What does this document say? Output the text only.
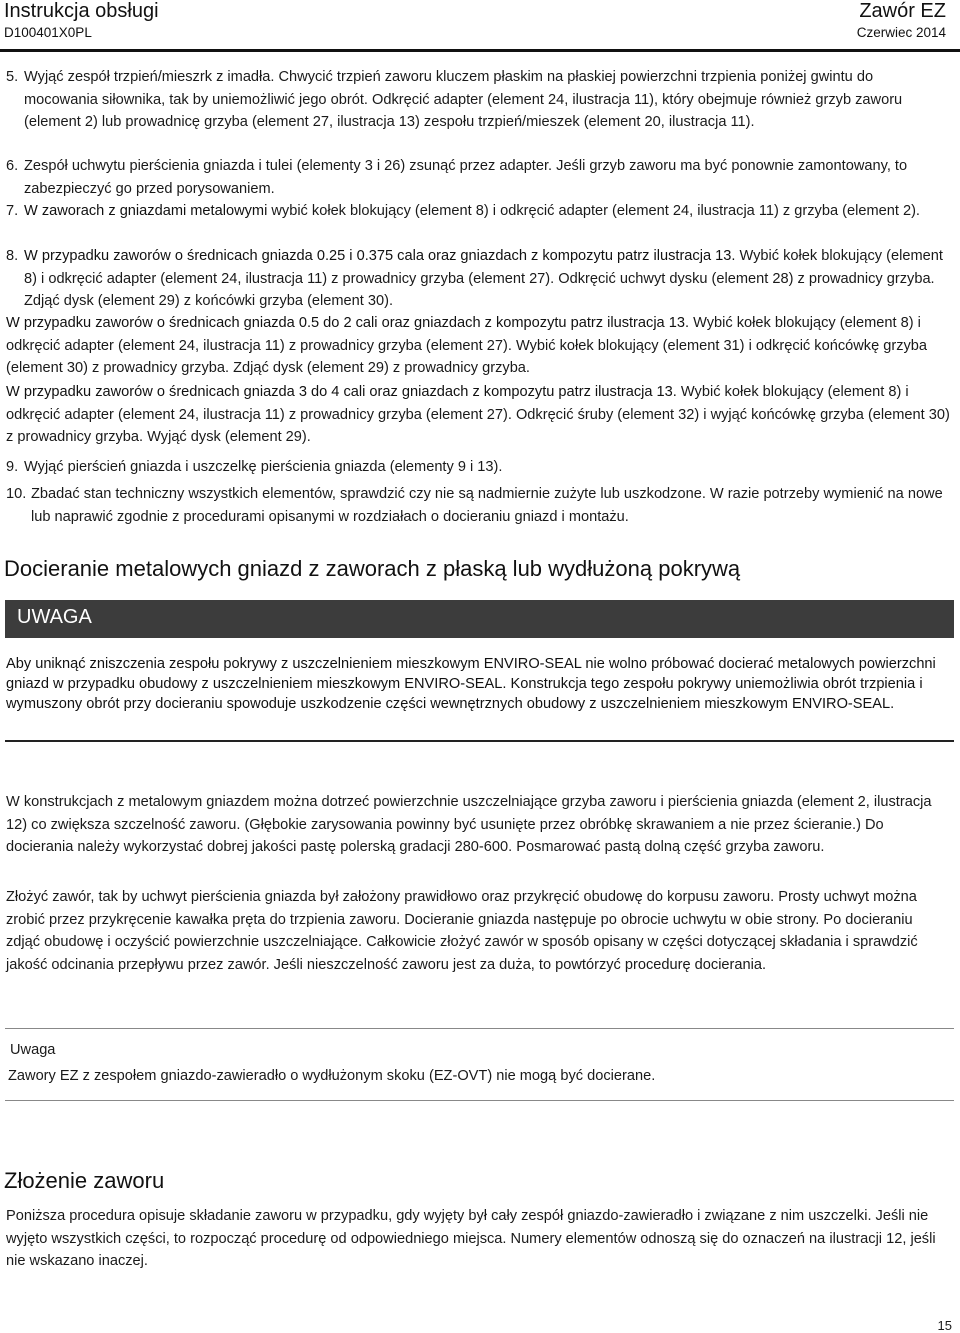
Instrukcja obsługi
D100401X0PL
Zawór EZ
Czerwiec 2014
5. Wyjąć zespół trzpień/mieszrk z imadła. Chwycić trzpień zaworu kluczem płaskim na płaskiej powierzchni trzpienia poniżej gwintu do mocowania siłownika, tak by uniemożliwić jego obrót. Odkręcić adapter (element 24, ilustracja 11), który obejmuje również grzyb zaworu (element 2) lub prowadnicę grzyba (element 27, ilustracja 13) zespołu trzpień/mieszek (element 20, ilustracja 11).
6. Zespół uchwytu pierścienia gniazda i tulei (elementy 3 i 26) zsunąć przez adapter. Jeśli grzyb zaworu ma być ponownie zamontowany, to zabezpieczyć go przed porysowaniem.
7. W zaworach z gniazdami metalowymi wybić kołek blokujący (element 8) i odkręcić adapter (element 24, ilustracja 11) z grzyba (element 2).
8. W przypadku zaworów o średnicach gniazda 0.25 i 0.375 cala oraz gniazdach z kompozytu patrz ilustracja 13. Wybić kołek blokujący (element 8) i odkręcić adapter (element 24, ilustracja 11) z prowadnicy grzyba (element 27). Odkręcić uchwyt dysku (element 28) z prowadnicy grzyba. Zdjąć dysk (element 29) z końcówki grzyba (element 30).
W przypadku zaworów o średnicach gniazda 0.5 do 2 cali oraz gniazdach z kompozytu patrz ilustracja 13. Wybić kołek blokujący (element 8) i odkręcić adapter (element 24, ilustracja 11) z prowadnicy grzyba (element 27). Wybić kołek blokujący (element 31) i odkręcić końcówkę grzyba (element 30) z prowadnicy grzyba. Zdjąć dysk (element 29) z prowadnicy grzyba.
W przypadku zaworów o średnicach gniazda 3 do 4 cali oraz gniazdach z kompozytu patrz ilustracja 13. Wybić kołek blokujący (element 8) i odkręcić adapter (element 24, ilustracja 11) z prowadnicy grzyba (element 27). Odkręcić śruby (element 32) i wyjąć końcówkę grzyba (element 30) z prowadnicy grzyba. Wyjąć dysk (element 29).
9. Wyjąć pierścień gniazda i uszczelkę pierścienia gniazda (elementy 9 i 13).
10. Zbadać stan techniczny wszystkich elementów, sprawdzić czy nie są nadmiernie zużyte lub uszkodzone. W razie potrzeby wymienić na nowe lub naprawić zgodnie z procedurami opisanymi w rozdziałach o docieraniu gniazd i montażu.
Docieranie metalowych gniazd z zaworach z płaską lub wydłużoną pokrywą
UWAGA
Aby uniknąć zniszczenia zespołu pokrywy z uszczelnieniem mieszkowym ENVIRO-SEAL nie wolno próbować docierać metalowych powierzchni gniazd w przypadku obudowy z uszczelnieniem mieszkowym ENVIRO-SEAL. Konstrukcja tego zespołu pokrywy uniemożliwia obrót trzpienia i wymuszony obrót przy docieraniu spowoduje uszkodzenie części wewnętrznych obudowy z uszczelnieniem mieszkowym ENVIRO-SEAL.
W konstrukcjach z metalowym gniazdem można dotrzeć powierzchnie uszczelniające grzyba zaworu i pierścienia gniazda (element 2, ilustracja 12) co zwiększa szczelność zaworu. (Głębokie zarysowania powinny być usunięte przez obróbkę skrawaniem a nie przez ścieranie.) Do docierania należy wykorzystać dobrej jakości pastę polerską gradacji 280-600. Posmarować pastą dolną część grzyba zaworu.
Złożyć zawór, tak by uchwyt pierścienia gniazda był założony prawidłowo oraz przykręcić obudowę do korpusu zaworu. Prosty uchwyt można zrobić przez przykręcenie kawałka pręta do trzpienia zaworu. Docieranie gniazda następuje po obrocie uchwytu w obie strony. Po docieraniu zdjąć obudowę i oczyścić powierzchnie uszczelniające. Całkowicie złożyć zawór w sposób opisany w części dotyczącej składania i sprawdzić jakość odcinania przepływu przez zawór. Jeśli nieszczelność zaworu jest za duża, to powtórzyć procedurę docierania.
Uwaga
Zawory EZ z zespołem gniazdo-zawieradło o wydłużonym skoku (EZ-OVT) nie mogą być docierane.
Złożenie zaworu
Poniższa procedura opisuje składanie zaworu w przypadku, gdy wyjęty był cały zespół gniazdo-zawieradło i związane z nim uszczelki. Jeśli nie wyjęto wszystkich części, to rozpocząć procedurę od odpowiedniego miejsca. Numery elementów odnoszą się do oznaczeń na ilustracji 12, jeśli nie wskazano inaczej.
15
